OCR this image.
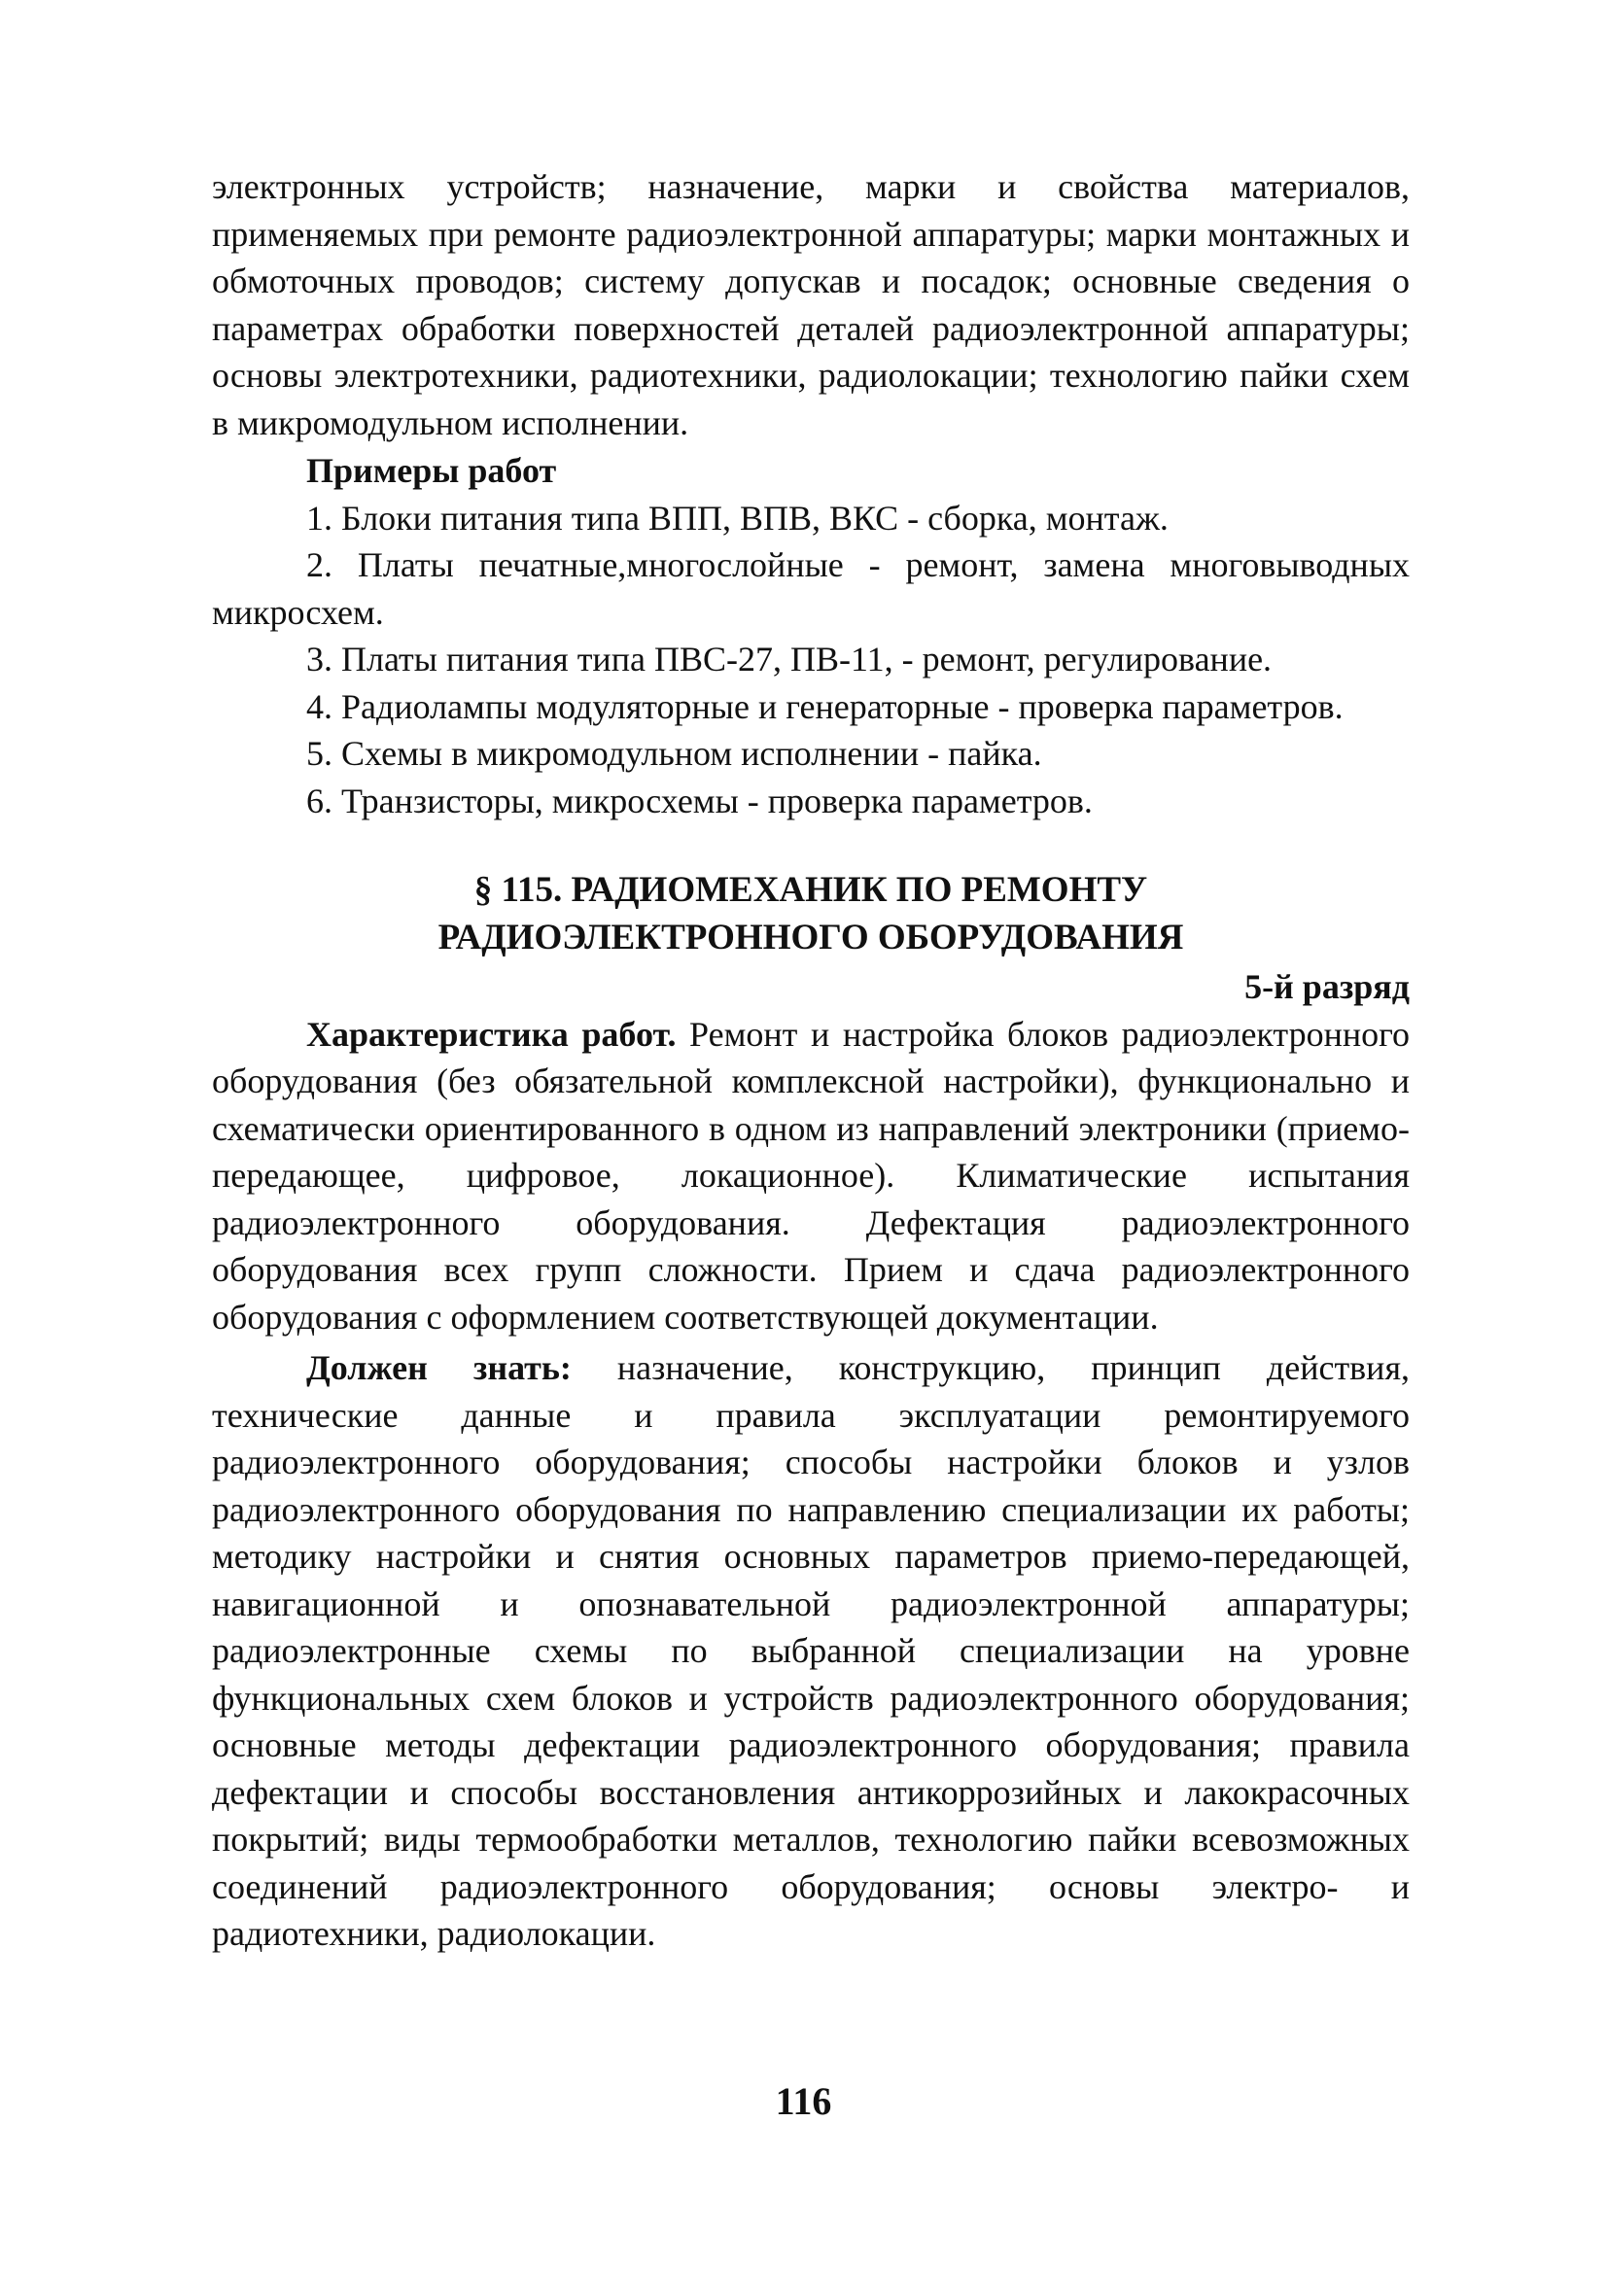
электронных устройств; назначение, марки и свойства материалов, применяемых при ремонте радиоэлектронной аппаратуры; марки монтажных и обмоточных проводов; систему допускав и посадок; основные сведения о параметрах обработки поверхностей деталей радиоэлектронной аппаратуры; основы электротехники, радиотехники, радиолокации; технологию пайки схем в микромодульном исполнении.

Примеры работ

1. Блоки питания типа ВПП, ВПВ, ВКС - сборка, монтаж.

2. Платы печатные,многослойные - ремонт, замена многовыводных микросхем.

3. Платы питания типа ПВС-27, ПВ-11, - ремонт, регулирование.

4. Радиолампы модуляторные и генераторные - проверка параметров.

5. Схемы в микромодульном исполнении - пайка.

6. Транзисторы, микросхемы - проверка параметров.

§ 115. РАДИОМЕХАНИК ПО РЕМОНТУ
РАДИОЭЛЕКТРОННОГО ОБОРУДОВАНИЯ

5-й разряд

Характеристика работ. Ремонт и настройка блоков радиоэлектронного оборудования (без обязательной комплексной настройки), функционально и схематически ориентированного в одном из направлений электроники (приемо-передающее, цифровое, локационное). Климатические испытания радиоэлектронного оборудования. Дефектация радиоэлектронного оборудования всех групп сложности. Прием и сдача радиоэлектронного оборудования с оформлением соответствующей документации.

Должен знать: назначение, конструкцию, принцип действия, технические данные и правила эксплуатации ремонтируемого радиоэлектронного оборудования; способы настройки блоков и узлов радиоэлектронного оборудования по направлению специализации их работы; методику настройки и снятия основных параметров приемо-передающей, навигационной и опознавательной радиоэлектронной аппаратуры; радиоэлектронные схемы по выбранной специализации на уровне функциональных схем блоков и устройств радиоэлектронного оборудования; основные методы дефектации радиоэлектронного оборудования; правила дефектации и способы восстановления антикоррозийных и лакокрасочных покрытий; виды термообработки металлов, технологию пайки всевозможных соединений радиоэлектронного оборудования; основы электро- и радиотехники, радиолокации.

116
